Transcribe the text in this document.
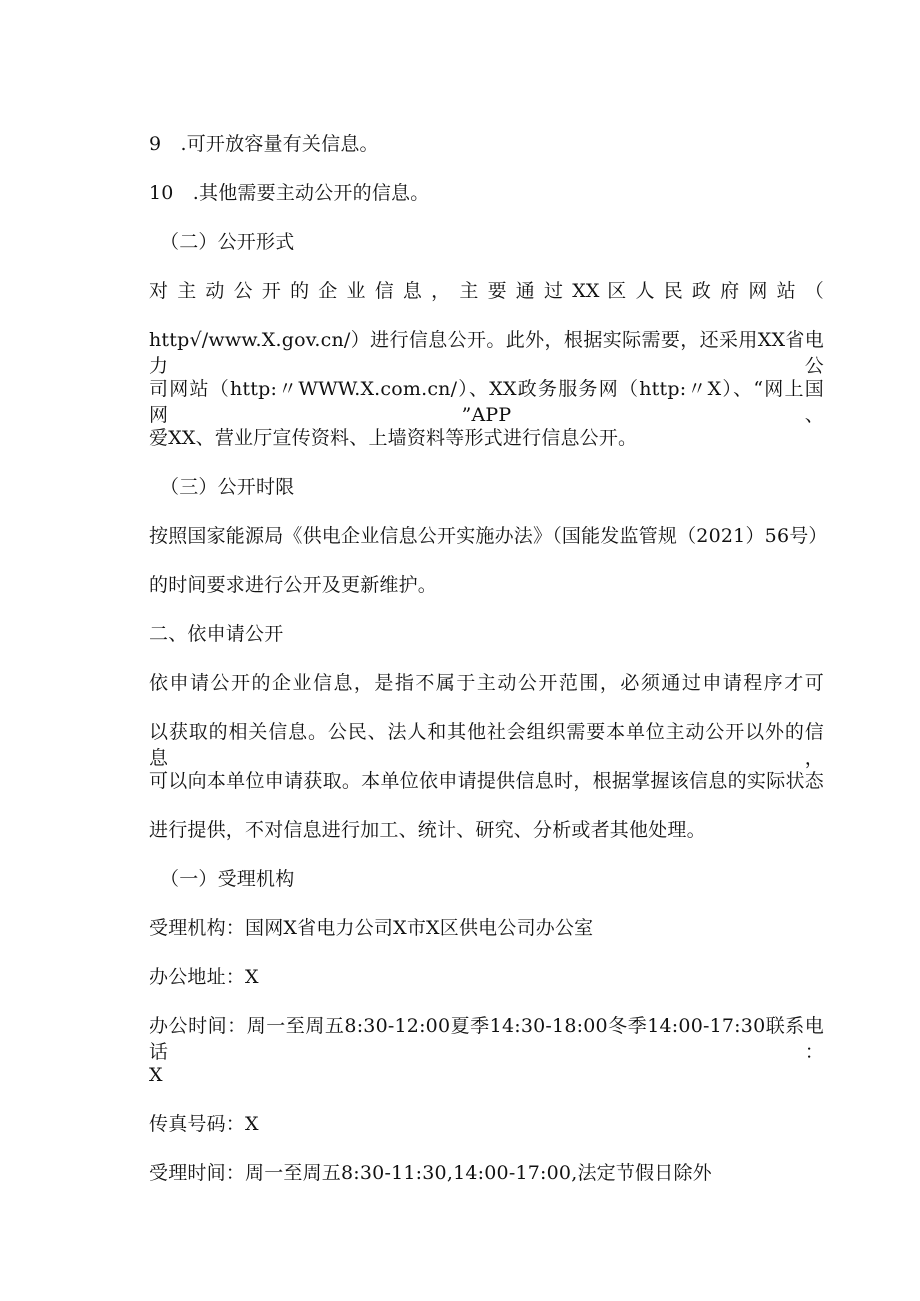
9　.可开放容量有关信息。
10　.其他需要主动公开的信息。
（二）公开形式
对 主 动 公 开 的 企 业 信 息 ， 主 要 通 过 XX 区 人 民 政 府 网 站 （
http√/www.X.gov.cn/）进行信息公开。此外，根据实际需要，还采用XX省电力公
司网站（http:〃WWW.X.com.cn/）、XX政务服务网（http:〃X）、“网上国网”APP、
爱XX、营业厅宣传资料、上墙资料等形式进行信息公开。
（三）公开时限
按照国家能源局《供电企业信息公开实施办法》（国能发监管规（2021）56号）
的时间要求进行公开及更新维护。
二、依申请公开
依申请公开的企业信息，是指不属于主动公开范围，必须通过申请程序才可
以获取的相关信息。公民、法人和其他社会组织需要本单位主动公开以外的信息，
可以向本单位申请获取。本单位依申请提供信息时，根据掌握该信息的实际状态
进行提供，不对信息进行加工、统计、研究、分析或者其他处理。
（一）受理机构
受理机构：国网X省电力公司X市X区供电公司办公室
办公地址：X
办公时间：周一至周五8:30-12:00夏季14:30-18:00冬季14:00-17:30联系电话：
X
传真号码：X
受理时间：周一至周五8:30-11:30,14:00-17:00,法定节假日除外
